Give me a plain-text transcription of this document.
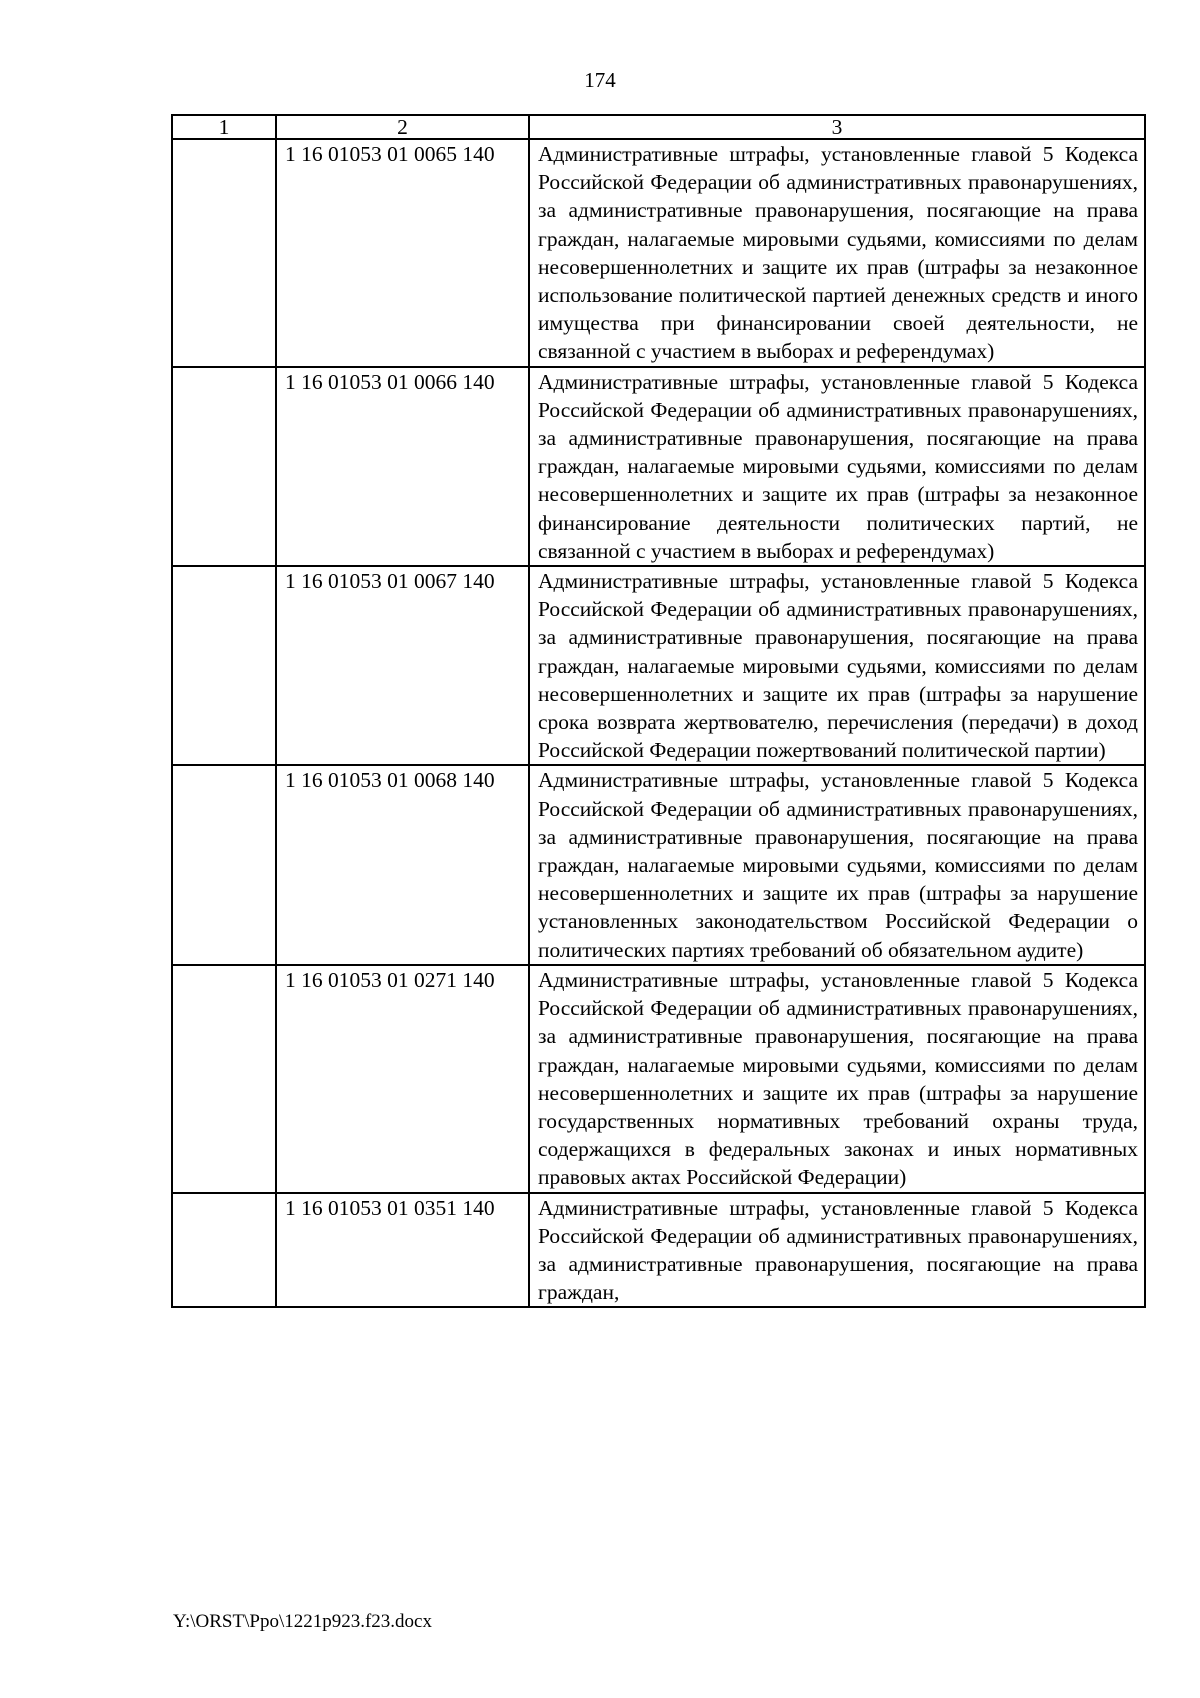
174
1	2	3
	1 16 01053 01 0065 140	Административные штрафы, установленные главой 5 Кодекса Российской Федерации об административных правонарушениях, за административные правонарушения, посягающие на права граждан, налагаемые мировыми судьями, комиссиями по делам несовершеннолетних и защите их прав (штрафы за незаконное использование политической партией денежных средств и иного имущества при финансировании своей деятельности, не связанной с участием в выборах и референдумах)
	1 16 01053 01 0066 140	Административные штрафы, установленные главой 5 Кодекса Российской Федерации об административных правонарушениях, за административные правонарушения, посягающие на права граждан, налагаемые мировыми судьями, комиссиями по делам несовершеннолетних и защите их прав (штрафы за незаконное финансирование деятельности политических партий, не связанной с участием в выборах и референдумах)
	1 16 01053 01 0067 140	Административные штрафы, установленные главой 5 Кодекса Российской Федерации об административных правонарушениях, за административные правонарушения, посягающие на права граждан, налагаемые мировыми судьями, комиссиями по делам несовершеннолетних и защите их прав (штрафы за нарушение срока возврата жертвователю, перечисления (передачи) в доход Российской Федерации пожертвований политической партии)
	1 16 01053 01 0068 140	Административные штрафы, установленные главой 5 Кодекса Российской Федерации об административных правонарушениях, за административные правонарушения, посягающие на права граждан, налагаемые мировыми судьями, комиссиями по делам несовершеннолетних и защите их прав (штрафы за нарушение установленных законодательством Российской Федерации о политических партиях требований об обязательном аудите)
	1 16 01053 01 0271 140	Административные штрафы, установленные главой 5 Кодекса Российской Федерации об административных правонарушениях, за административные правонарушения, посягающие на права граждан, налагаемые мировыми судьями, комиссиями по делам несовершеннолетних и защите их прав (штрафы за нарушение государственных нормативных требований охраны труда, содержащихся в федеральных законах и иных нормативных правовых актах Российской Федерации)
	1 16 01053 01 0351 140	Административные штрафы, установленные главой 5 Кодекса Российской Федерации об административных правонарушениях, за административные правонарушения, посягающие на права граждан,
Y:\ORST\Ppo\1221p923.f23.docx
